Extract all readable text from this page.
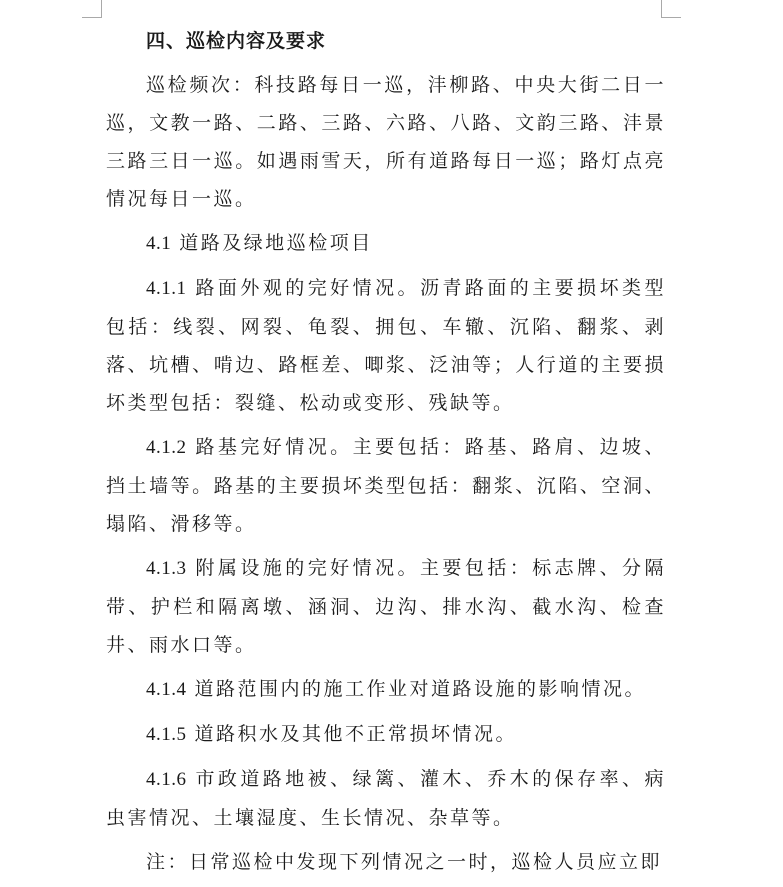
四、巡检内容及要求

巡检频次：科技路每日一巡，沣柳路、中央大街二日一巡，文教一路、二路、三路、六路、八路、文韵三路、沣景三路三日一巡。如遇雨雪天，所有道路每日一巡；路灯点亮情况每日一巡。

4.1 道路及绿地巡检项目

4.1.1 路面外观的完好情况。沥青路面的主要损坏类型包括：线裂、网裂、龟裂、拥包、车辙、沉陷、翻浆、剥落、坑槽、啃边、路框差、唧浆、泛油等；人行道的主要损坏类型包括：裂缝、松动或变形、残缺等。

4.1.2 路基完好情况。主要包括：路基、路肩、边坡、挡土墙等。路基的主要损坏类型包括：翻浆、沉陷、空洞、塌陷、滑移等。

4.1.3 附属设施的完好情况。主要包括：标志牌、分隔带、护栏和隔离墩、涵洞、边沟、排水沟、截水沟、检查井、雨水口等。

4.1.4 道路范围内的施工作业对道路设施的影响情况。

4.1.5 道路积水及其他不正常损坏情况。

4.1.6 市政道路地被、绿篱、灌木、乔木的保存率、病虫害情况、土壤湿度、生长情况、杂草等。

注：日常巡检中发现下列情况之一时，巡检人员应立即
